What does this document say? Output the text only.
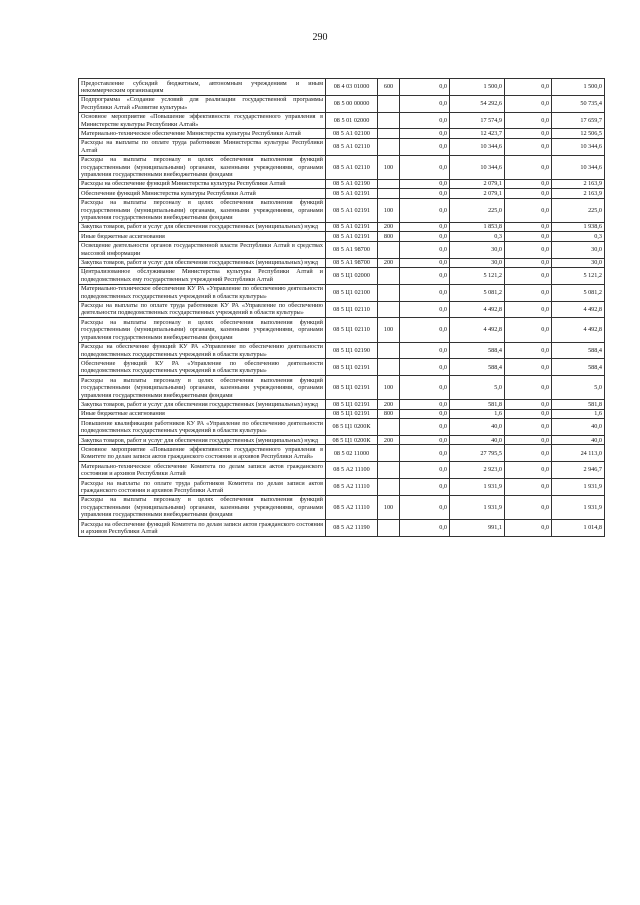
290
Предоставление субсидий бюджетным, автономным учреждениям и иным некоммерческим организациям	08 4 03 01000	600	0,0	1 500,0	0,0	1 500,0
Подпрограмма «Создание условий для реализации государственной программы Республики Алтай «Развитие культуры»	08 5 00 00000		0,0	54 292,6	0,0	50 735,4
Основное мероприятие «Повышение эффективности государственного управления в Министерстве культуры Республики Алтай»	08 5 01 02000		0,0	17 574,9	0,0	17 659,7
Материально-техническое обеспечение Министерства культуры Республики Алтай	08 5 А1 02100		0,0	12 423,7	0,0	12 506,5
Расходы на выплаты по оплате труда работников Министерства культуры Республики Алтай	08 5 А1 02110		0,0	10 344,6	0,0	10 344,6
Расходы на выплаты персоналу в целях обеспечения выполнения функций государственными (муниципальными) органами, казенными учреждениями, органами управления государственными внебюджетными фондами	08 5 А1 02110	100	0,0	10 344,6	0,0	10 344,6
Расходы на обеспечение функций Министерства культуры Республики Алтай	08 5 А1 02190		0,0	2 079,1	0,0	2 163,9
Обеспечение функций Министерства культуры Республики Алтай	08 5 А1 02191		0,0	2 079,1	0,0	2 163,9
Расходы на выплаты персоналу в целях обеспечения выполнения функций государственными (муниципальными) органами, казенными учреждениями, органами управления государственными внебюджетными фондами	08 5 А1 02191	100	0,0	225,0	0,0	225,0
Закупка товаров, работ и услуг для обеспечения государственных (муниципальных) нужд	08 5 А1 02191	200	0,0	1 853,8	0,0	1 938,6
Иные бюджетные ассигнования	08 5 А1 02191	800	0,0	0,3	0,0	0,3
Освещение деятельности органов государственной власти Республики Алтай в средствах массовой информации	08 5 А1 98700		0,0	30,0	0,0	30,0
Закупка товаров, работ и услуг для обеспечения государственных (муниципальных) нужд	08 5 А1 98700	200	0,0	30,0	0,0	30,0
Централизованное обслуживание Министерства культуры Республики Алтай и подведомственных ему государственных учреждений Республики Алтай	08 5 Ц1 02000		0,0	5 121,2	0,0	5 121,2
Материально-техническое обеспечение КУ РА «Управление по обеспечению деятельности подведомственных государственных учреждений в области культуры»	08 5 Ц1 02100		0,0	5 081,2	0,0	5 081,2
Расходы на выплаты по оплате труда работников КУ РА «Управление по обеспечению деятельности подведомственных государственных учреждений в области культуры»	08 5 Ц1 02110		0,0	4 492,8	0,0	4 492,8
Расходы на выплаты персоналу в целях обеспечения выполнения функций государственными (муниципальными) органами, казенными учреждениями, органами управления государственными внебюджетными фондами	08 5 Ц1 02110	100	0,0	4 492,8	0,0	4 492,8
Расходы на обеспечение функций КУ РА «Управление по обеспечению деятельности подведомственных государственных учреждений в области культуры»	08 5 Ц1 02190		0,0	588,4	0,0	588,4
Обеспечение функций КУ РА «Управление по обеспечению деятельности подведомственных государственных учреждений в области культуры»	08 5 Ц1 02191		0,0	588,4	0,0	588,4
Расходы на выплаты персоналу в целях обеспечения выполнения функций государственными (муниципальными) органами, казенными учреждениями, органами управления государственными внебюджетными фондами	08 5 Ц1 02191	100	0,0	5,0	0,0	5,0
Закупка товаров, работ и услуг для обеспечения государственных (муниципальных) нужд	08 5 Ц1 02191	200	0,0	581,8	0,0	581,8
Иные бюджетные ассигнования	08 5 Ц1 02191	800	0,0	1,6	0,0	1,6
Повышение квалификации работников КУ РА «Управление по обеспечению деятельности подведомственных государственных учреждений в области культуры»	08 5 Ц1 0200К		0,0	40,0	0,0	40,0
Закупка товаров, работ и услуг для обеспечения государственных (муниципальных) нужд	08 5 Ц1 0200К	200	0,0	40,0	0,0	40,0
Основное мероприятие «Повышение эффективности государственного управления в Комитете по делам записи актов гражданского состояния и архивов Республики Алтай»	08 5 02 11000		0,0	27 795,5	0,0	24 113,0
Материально-техническое обеспечение Комитета по делам записи актов гражданского состояния и архивов Республики Алтай	08 5 А2 11100		0,0	2 923,0	0,0	2 946,7
Расходы на выплаты по оплате труда работников Комитета по делам записи актов гражданского состояния и архивов Республики Алтай	08 5 А2 11110		0,0	1 931,9	0,0	1 931,9
Расходы на выплаты персоналу в целях обеспечения выполнения функций государственными (муниципальными) органами, казенными учреждениями, органами управления государственными внебюджетными фондами	08 5 А2 11110	100	0,0	1 931,9	0,0	1 931,9
Расходы на обеспечение функций Комитета по делам записи актов гражданского состояния и архивов Республики Алтай	08 5 А2 11190		0,0	991,1	0,0	1 014,8
